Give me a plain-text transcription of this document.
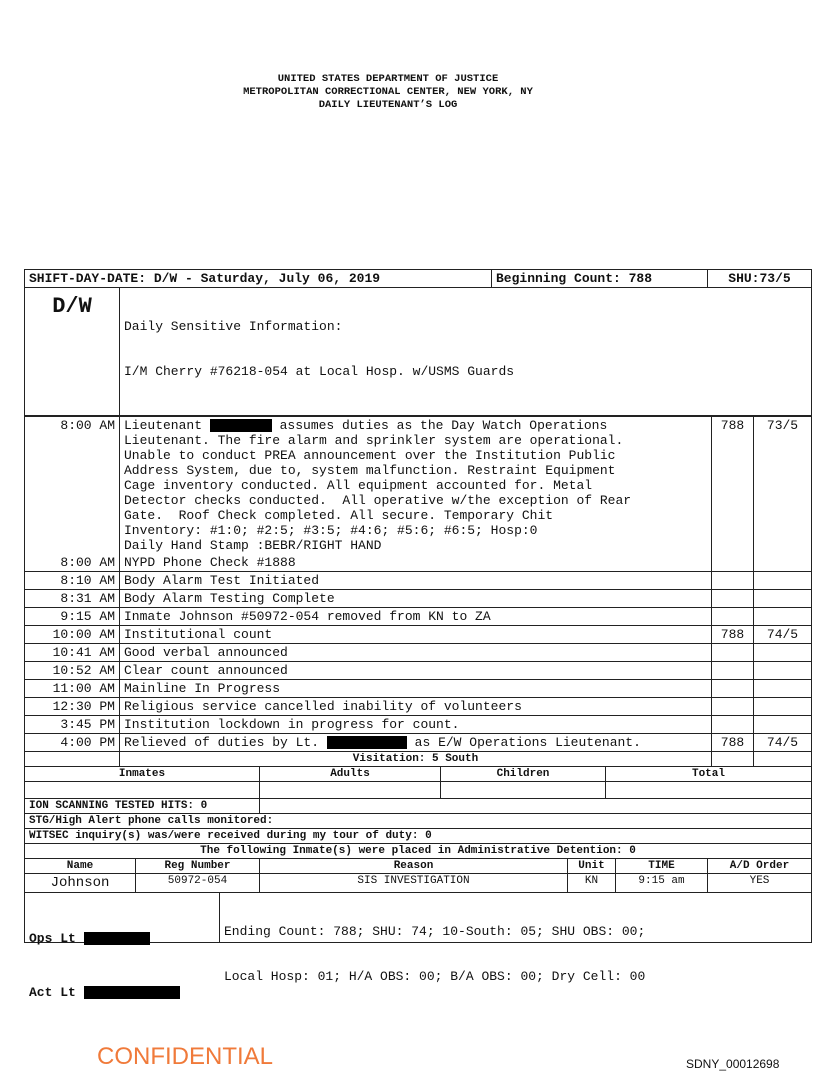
UNITED STATES DEPARTMENT OF JUSTICE
METROPOLITAN CORRECTIONAL CENTER, NEW YORK, NY
DAILY LIEUTENANT’S LOG
SHIFT-DAY-DATE: D/W - Saturday, July 06, 2019	Beginning Count: 788	SHU:73/5
D/W

Daily Sensitive Information:

I/M Cherry #76218-054 at Local Hosp. w/USMS Guards

8:00 AM Lieutenant	assumes duties as the Day Watch Operations
Lieutenant. The fire alarm and sprinkler system are operational.
Unable to conduct PREA announcement over the Institution Public
Address System, due to, system malfunction. Restraint Equipment
Cage inventory conducted. All equipment accounted for. Metal
Detector checks conducted.  All operative w/the exception of Rear
Gate.  Roof Check completed. All secure. Temporary Chit
Inventory: #1:0; #2:5; #3:5; #4:6; #5:6; #6:5; Hosp:0
Daily Hand Stamp :BEBR/RIGHT HAND
788	73/5
8:00 AM NYPD Phone Check #1888
8:10 AM Body Alarm Test Initiated
8:31 AM Body Alarm Testing Complete
9:15 AM Inmate Johnson #50972-054 removed from KN to ZA
10:00 AM Institutional count	788	74/5
10:41 AM Good verbal announced
10:52 AM Clear count announced
11:00 AM Mainline In Progress
12:30 PM Religious service cancelled inability of volunteers
3:45 PM Institution lockdown in progress for count.
4:00 PM Relieved of duties by Lt.	as E/W Operations Lieutenant.	788	74/5
Visitation: 5 South
Inmates	Adults	Children	Total
ION SCANNING TESTED HITS: 0
STG/High Alert phone calls monitored:
WITSEC inquiry(s) was/were received during my tour of duty: 0
The following Inmate(s) were placed in Administrative Detention: 0
Name	Reg Number	Reason	Unit	TIME	A/D Order
Johnson	50972-054	SIS INVESTIGATION	KN	9:15 am	YES

Ops Lt

Act Lt

Ending Count: 788; SHU: 74; 10-South: 05; SHU OBS: 00;

Local Hosp: 01; H/A OBS: 00; B/A OBS: 00; Dry Cell: 00

CONFIDENTIAL	SDNY_00012698
